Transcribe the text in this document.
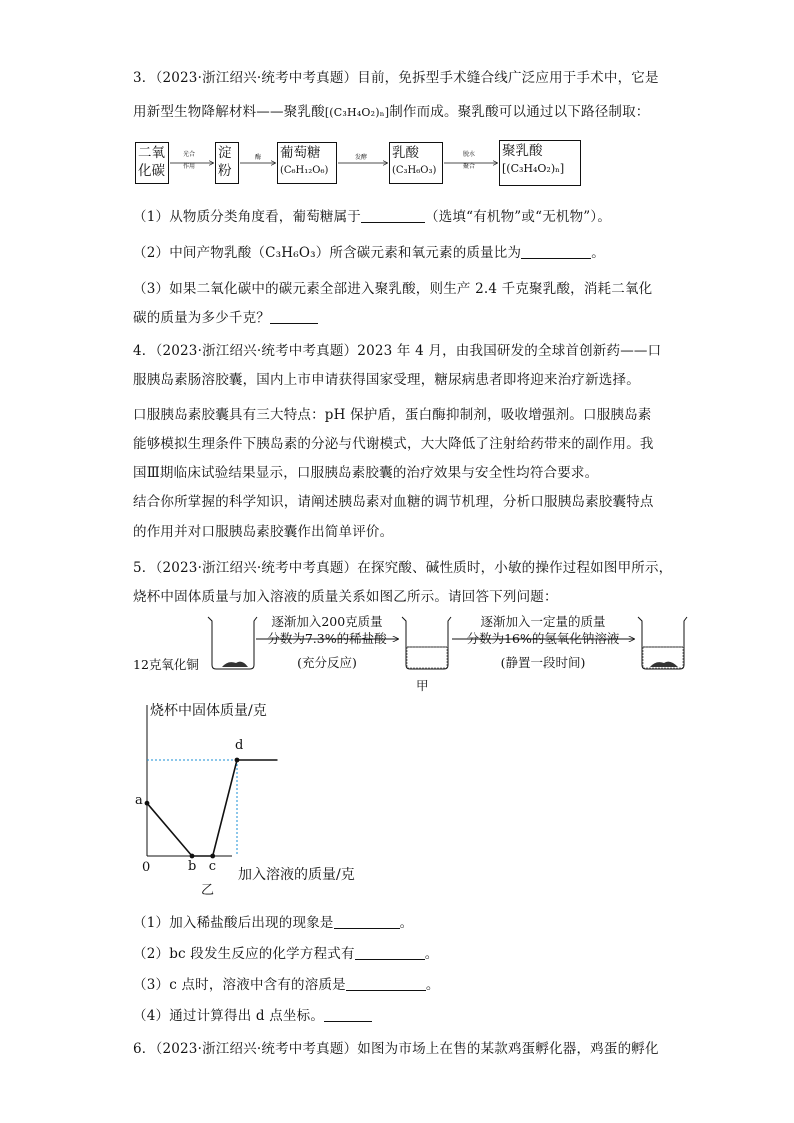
3．（2023·浙江绍兴·统考中考真题）目前，免拆型手术缝合线广泛应用于手术中，它是
用新型生物降解材料——聚乳酸[(C₃H₄O₂)ₙ]制作而成。聚乳酸可以通过以下路径制取：
二氧
化碳
光合
作用
淀
粉
酶	葡萄糖
(C₆H₁₂O₆)
发酵	乳酸
(C₃H₆O₃)
脱水
聚合
聚乳酸
[(C₃H₄O₂)ₙ]
（1）从物质分类角度看，葡萄糖属于	（选填“有机物”或“无机物”）。
（2）中间产物乳酸（C₃H₆O₃）所含碳元素和氧元素的质量比为	。
（3）如果二氧化碳中的碳元素全部进入聚乳酸，则生产 2.4 千克聚乳酸，消耗二氧化
碳的质量为多少千克？
4．（2023·浙江绍兴·统考中考真题）2023 年 4 月，由我国研发的全球首创新药——口
服胰岛素肠溶胶囊，国内上市申请获得国家受理，糖尿病患者即将迎来治疗新选择。
口服胰岛素胶囊具有三大特点：pH 保护盾，蛋白酶抑制剂，吸收增强剂。口服胰岛素
能够模拟生理条件下胰岛素的分泌与代谢模式，大大降低了注射给药带来的副作用。我
国Ⅲ期临床试验结果显示，口服胰岛素胶囊的治疗效果与安全性均符合要求。
结合你所掌握的科学知识，请阐述胰岛素对血糖的调节机理，分析口服胰岛素胶囊特点
的作用并对口服胰岛素胶囊作出简单评价。
5．（2023·浙江绍兴·统考中考真题）在探究酸、碱性质时，小敏的操作过程如图甲所示，
烧杯中固体质量与加入溶液的质量关系如图乙所示。请回答下列问题：
12克氧化铜
逐渐加入200克质量
分数为7.3%的稀盐酸
(充分反应)
逐渐加入一定量的质量
分数为16%的氢氧化钠溶液
(静置一段时间)
甲
烧杯中固体质量/克
加入溶液的质量/克
0
乙
a
b c
d
（1）加入稀盐酸后出现的现象是	。
（2）bc 段发生反应的化学方程式有	。
（3）c 点时，溶液中含有的溶质是	。
（4）通过计算得出 d 点坐标。
6．（2023·浙江绍兴·统考中考真题）如图为市场上在售的某款鸡蛋孵化器，鸡蛋的孵化
